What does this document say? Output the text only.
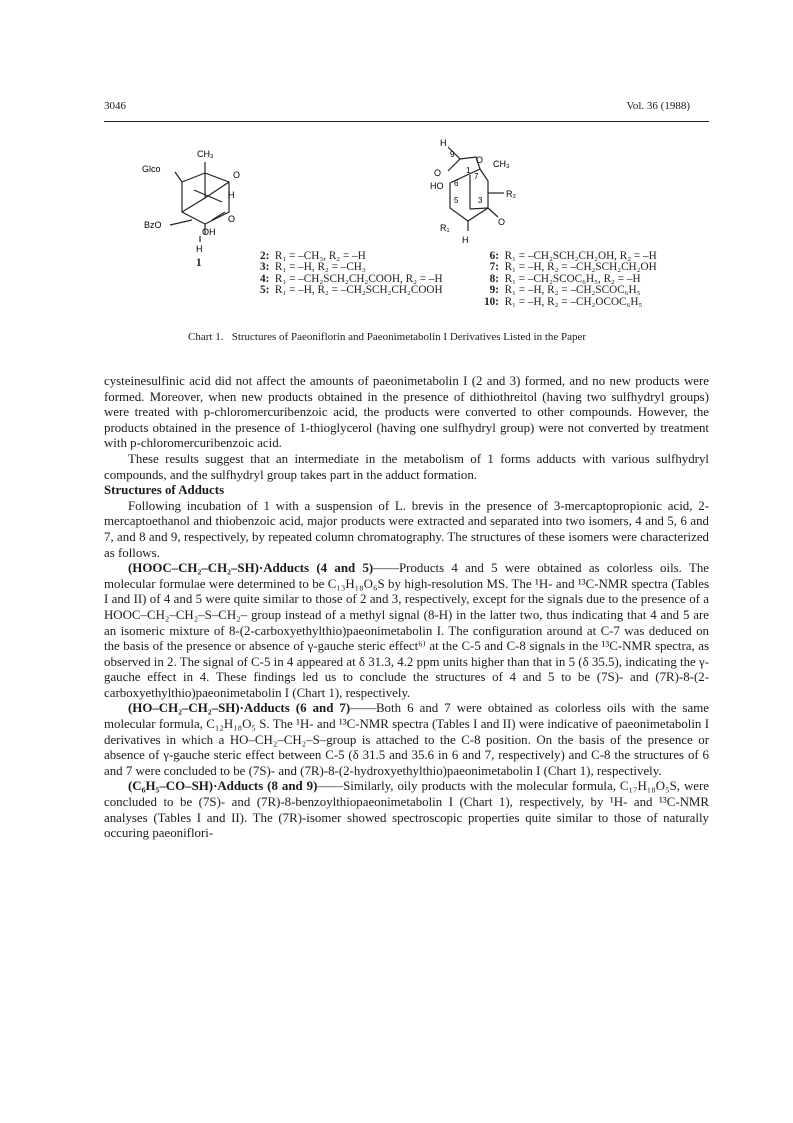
3046	Vol. 36 (1988)
CH₃
Glco
O
H
BzO
O
OH
H
H
9
O CH₃
O
HO 6
7
1
5 3
R₂
O
R₁
H
1
2: R₁ = –CH₃, R₂ = –H
3: R₁ = –H, R₂ = –CH₃
4: R₁ = –CH₂SCH₂CH₂COOH, R₂ = –H
5: R₁ = –H, R₂ = –CH₂SCH₂CH₂COOH
6: R₁ = –CH₂SCH₂CH₂OH, R₂ = –H
7: R₁ = –H, R₂ = –CH₂SCH₂CH₂OH
8: R₁ = –CH₂SCOC₆H₅, R₂ = –H
9: R₁ = –H, R₂ = –CH₂SCOC₆H₅
10: R₁ = –H, R₂ = –CH₂OCOC₆H₅
Chart 1. Structures of Paeoniflorin and Paeonimetabolin I Derivatives Listed in the Paper

cysteinesulfinic acid did not affect the amounts of paeonimetabolin I (2 and 3) formed, and no new products were formed. Moreover, when new products obtained in the presence of dithiothreitol (having two sulfhydryl groups) were treated with p-chloromercuribenzoic acid, the products were converted to other compounds. However, the products obtained in the presence of 1-thioglycerol (having one sulfhydryl group) were not converted by treatment with p-chloromercuribenzoic acid.

These results suggest that an intermediate in the metabolism of 1 forms adducts with various sulfhydryl compounds, and the sulfhydryl group takes part in the adduct formation.

Structures of Adducts

Following incubation of 1 with a suspension of L. brevis in the presence of 3-mercaptopropionic acid, 2-mercaptoethanol and thiobenzoic acid, major products were extracted and separated into two isomers, 4 and 5, 6 and 7, and 8 and 9, respectively, by repeated column chromatography. The structures of these isomers were characterized as follows.

(HOOC–CH₂–CH₂–SH)·Adducts (4 and 5)——Products 4 and 5 were obtained as colorless oils. The molecular formulae were determined to be C₁₃H₁₈O₆S by high-resolution MS. The ¹H- and ¹³C-NMR spectra (Tables I and II) of 4 and 5 were quite similar to those of 2 and 3, respectively, except for the signals due to the presence of a HOOC–CH₂–CH₂–S–CH₂– group instead of a methyl signal (8-H) in the latter two, thus indicating that 4 and 5 are an isomeric mixture of 8-(2-carboxyethylthio)paeonimetabolin I. The configuration around at C-7 was deduced on the basis of the presence or absence of γ-gauche steric effect⁶⁾ at the C-5 and C-8 signals in the ¹³C-NMR spectra, as observed in 2. The signal of C-5 in 4 appeared at δ 31.3, 4.2 ppm units higher than that in 5 (δ 35.5), indicating the γ-gauche effect in 4. These findings led us to conclude the structures of 4 and 5 to be (7S)- and (7R)-8-(2-carboxyethylthio)paeonimetabolin I (Chart 1), respectively.

(HO–CH₂–CH₂–SH)·Adducts (6 and 7)——Both 6 and 7 were obtained as colorless oils with the same molecular formula, C₁₂H₁₈O₅ S. The ¹H- and ¹³C-NMR spectra (Tables I and II) were indicative of paeonimetabolin I derivatives in which a HO–CH₂–CH₂–S–group is attached to the C-8 position. On the basis of the presence or absence of γ-gauche steric effect between C-5 (δ 31.5 and 35.6 in 6 and 7, respectively) and C-8 the structures of 6 and 7 were concluded to be (7S)- and (7R)-8-(2-hydroxyethylthio)paeonimetabolin I (Chart 1), respectively.

(C₆H₅–CO–SH)·Adducts (8 and 9)——Similarly, oily products with the molecular formula, C₁₇H₁₈O₅S, were concluded to be (7S)- and (7R)-8-benzoylthiopaeonimetabolin I (Chart 1), respectively, by ¹H- and ¹³C-NMR analyses (Tables I and II). The (7R)-isomer showed spectroscopic properties quite similar to those of naturally occuring paeoniflori-
